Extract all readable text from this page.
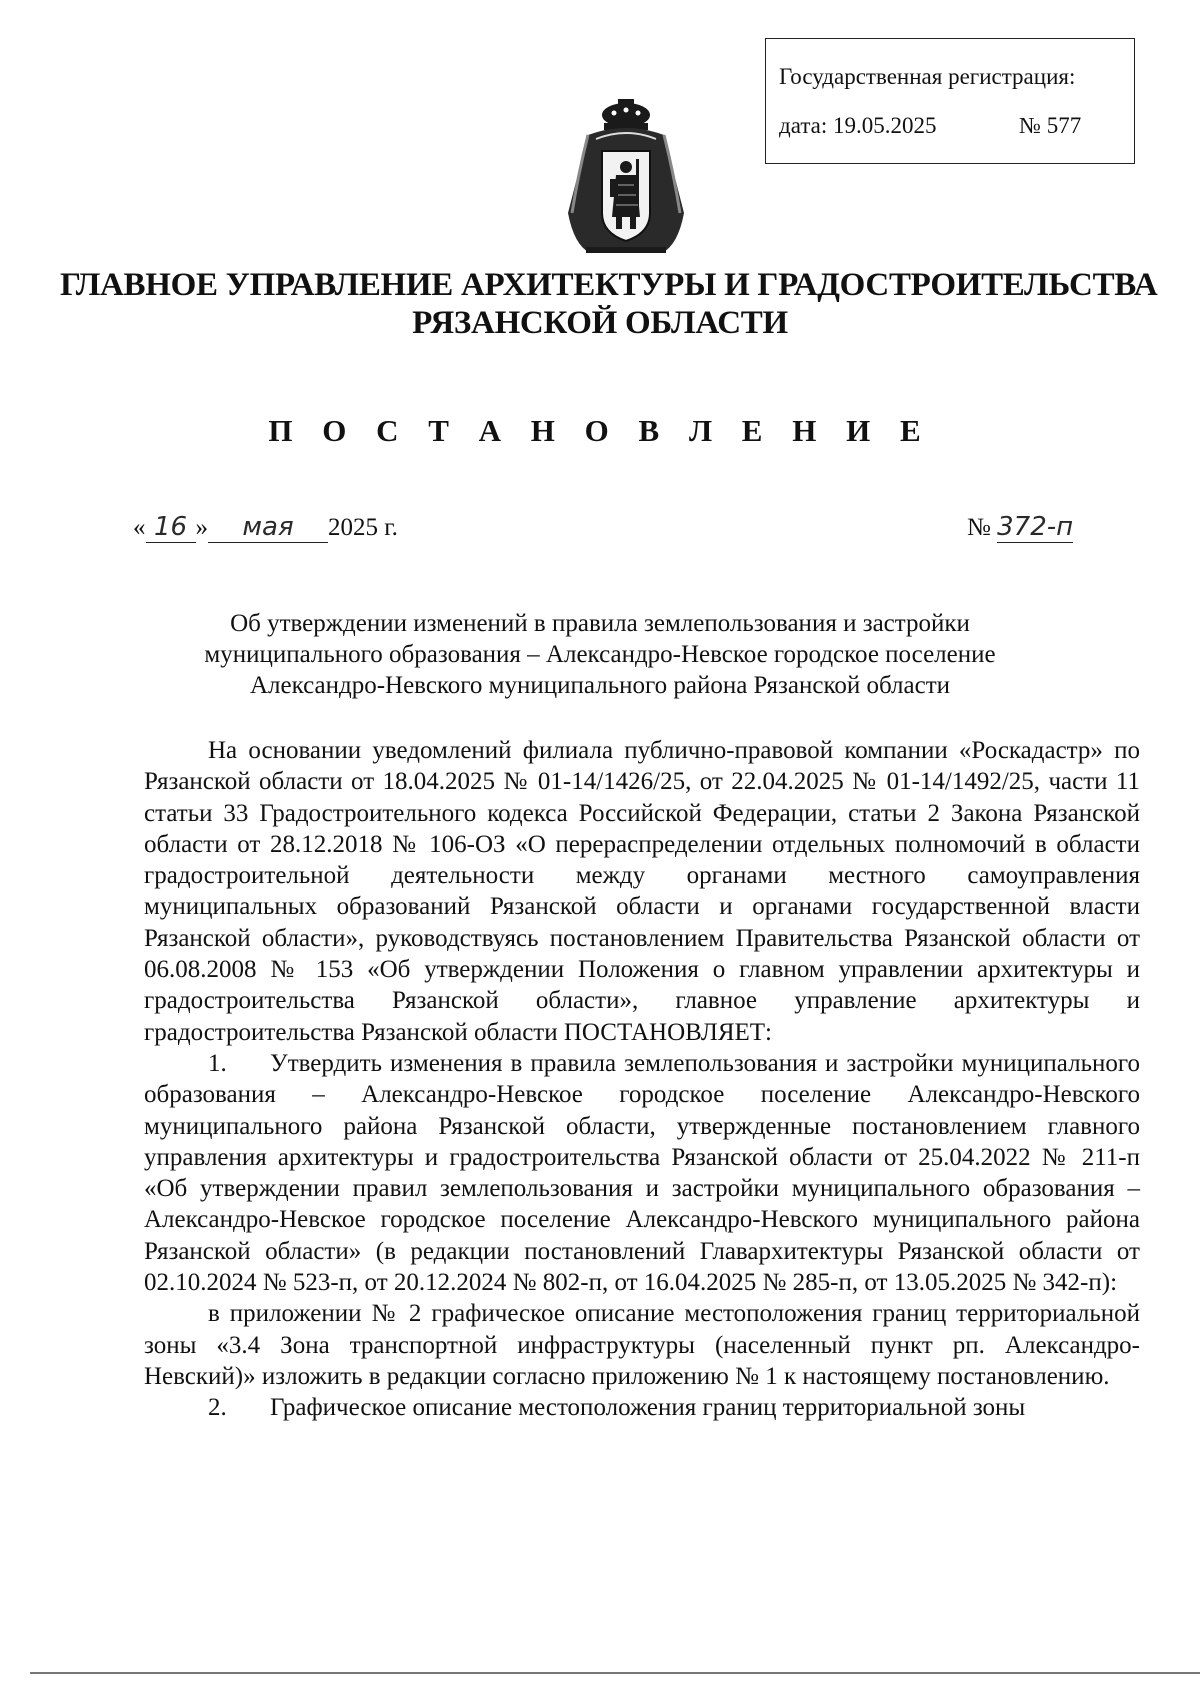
Государственная регистрация:
дата: 19.05.2025	№ 577
ГЛАВНОЕ УПРАВЛЕНИЕ АРХИТЕКТУРЫ И ГРАДОСТРОИТЕЛЬСТВА
РЯЗАНСКОЙ ОБЛАСТИ
П О С Т А Н О В Л Е Н И Е
« 16 » мая 2025 г.	№ 372-п
Об утверждении изменений в правила землепользования и застройки
муниципального образования – Александро-Невское городское поселение
Александро-Невского муниципального района Рязанской области

На основании уведомлений филиала публично-правовой компании «Роскадастр» по Рязанской области от 18.04.2025 № 01-14/1426/25, от 22.04.2025 № 01-14/1492/25, части 11 статьи 33 Градостроительного кодекса Российской Федерации, статьи 2 Закона Рязанской области от 28.12.2018 № 106-ОЗ «О перераспределении отдельных полномочий в области градостроительной деятельности между органами местного самоуправления муниципальных образований Рязанской области и органами государственной власти Рязанской области», руководствуясь постановлением Правительства Рязанской области от 06.08.2008 № 153 «Об утверждении Положения о главном управлении архитектуры и градостроительства Рязанской области», главное управление архитектуры и градостроительства Рязанской области ПОСТАНОВЛЯЕТ:

1. Утвердить изменения в правила землепользования и застройки муниципального образования – Александро-Невское городское поселение Александро-Невского муниципального района Рязанской области, утвержденные постановлением главного управления архитектуры и градостроительства Рязанской области от 25.04.2022 № 211-п «Об утверждении правил землепользования и застройки муниципального образования – Александро-Невское городское поселение Александро-Невского муниципального района Рязанской области» (в редакции постановлений Главархитектуры Рязанской области от 02.10.2024 № 523-п, от 20.12.2024 № 802-п, от 16.04.2025 № 285-п, от 13.05.2025 № 342-п):

в приложении № 2 графическое описание местоположения границ территориальной зоны «3.4 Зона транспортной инфраструктуры (населенный пункт рп. Александро-Невский)» изложить в редакции согласно приложению № 1 к настоящему постановлению.

2. Графическое описание местоположения границ территориальной зоны
